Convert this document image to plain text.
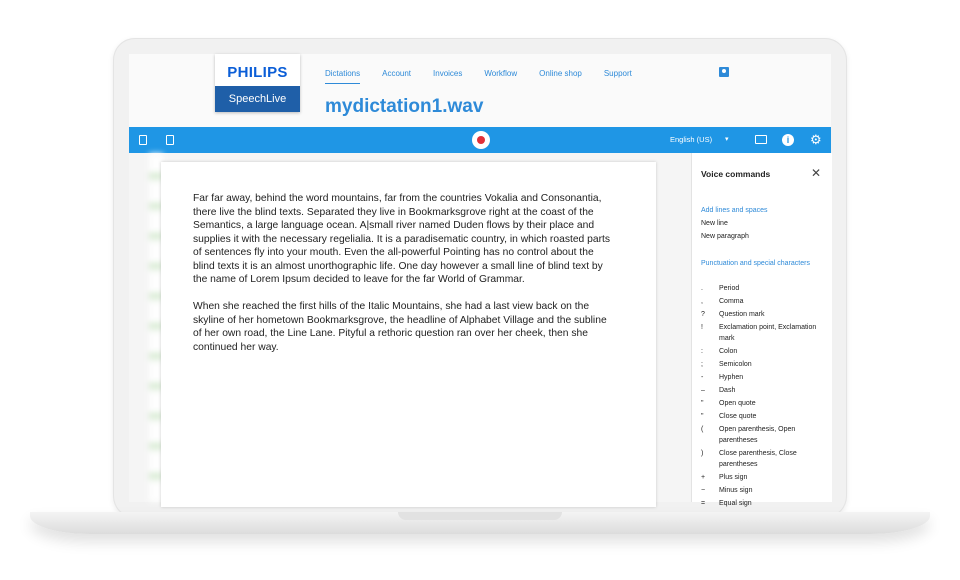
PHILIPS
SpeechLive
Dictations	Account	Invoices	Workflow	Online shop	Support
mydictation1.wav
English (US) ▾	i	⚙
Far far away, behind the word mountains, far from the countries Vokalia and Consonantia, there live the blind texts. Separated they live in Bookmarksgrove right at the coast of the Semantics, a large language ocean. A|small river named Duden flows by their place and supplies it with the necessary regelialia. It is a paradisematic country, in which roasted parts of sentences fly into your mouth. Even the all-powerful Pointing has no control about the blind texts it is an almost unorthographic life. One day however a small line of blind text by the name of Lorem Ipsum decided to leave for the far World of Grammar.
When she reached the first hills of the Italic Mountains, she had a last view back on the skyline of her hometown Bookmarksgrove, the headline of Alphabet Village and the subline of her own road, the Line Lane. Pityful a rethoric question ran over her cheek, then she continued her way.
Voice commands	✕
Add lines and spaces
New line
New paragraph
Punctuation and special characters
.	Period
,	Comma
?	Question mark
!	Exclamation point, Exclamation mark
:	Colon
;	Semicolon
-	Hyphen
–	Dash
"	Open quote
"	Close quote
(	Open parenthesis, Open parentheses
)	Close parenthesis, Close parentheses
+	Plus sign
−	Minus sign
=	Equal sign
